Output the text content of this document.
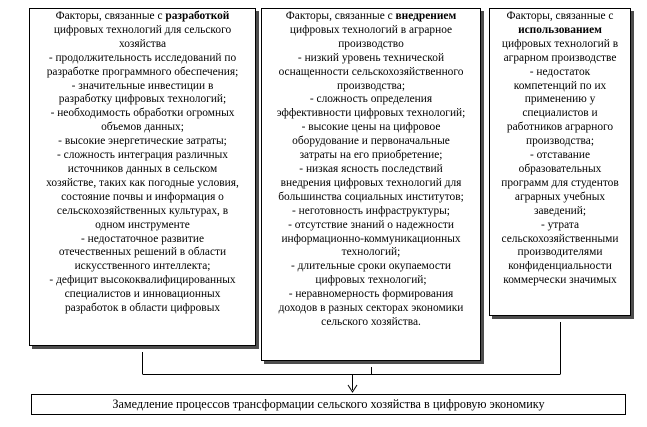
Факторы, связанные с разработкой
цифровых технологий для сельского
хозяйства
- продолжительность исследований по
разработке программного обеспечения;
- значительные инвестиции в
разработку цифровых технологий;
- необходимость обработки огромных
объемов данных;
- высокие энергетические затраты;
- сложность интеграция различных
источников данных в сельском
хозяйстве, таких как погодные условия,
состояние почвы и информация о
сельскохозяйственных культурах, в
одном инструменте
- недостаточное развитие
отечественных решений в области
искусственного интеллекта;
- дефицит высококвалифицированных
специалистов и инновационных
разработок в области цифровых
Факторы, связанные с внедрением
цифровых технологий в аграрное
производство
- низкий уровень технической
оснащенности сельскохозяйственного
производства;
- сложность определения
эффективности цифровых технологий;
- высокие цены на цифровое
оборудование и первоначальные
затраты на его приобретение;
- низкая ясность последствий
внедрения цифровых технологий для
большинства социальных институтов;
- неготовность инфраструктуры;
- отсутствие знаний о надежности
информационно-коммуникационных
технологий;
- длительные сроки окупаемости
цифровых технологий;
- неравномерность формирования
доходов в разных секторах экономики
сельского хозяйства.
Факторы, связанные с
использованием
цифровых технологий в
аграрном производстве
- недостаток
компетенций по их
применению у
специалистов и
работников аграрного
производства;
- отставание
образовательных
программ для студентов
аграрных учебных
заведений;
- утрата
сельскохозяйственными
производителями
конфиденциальности
коммерчески значимых
Замедление процессов трансформации сельского хозяйства в цифровую экономику
